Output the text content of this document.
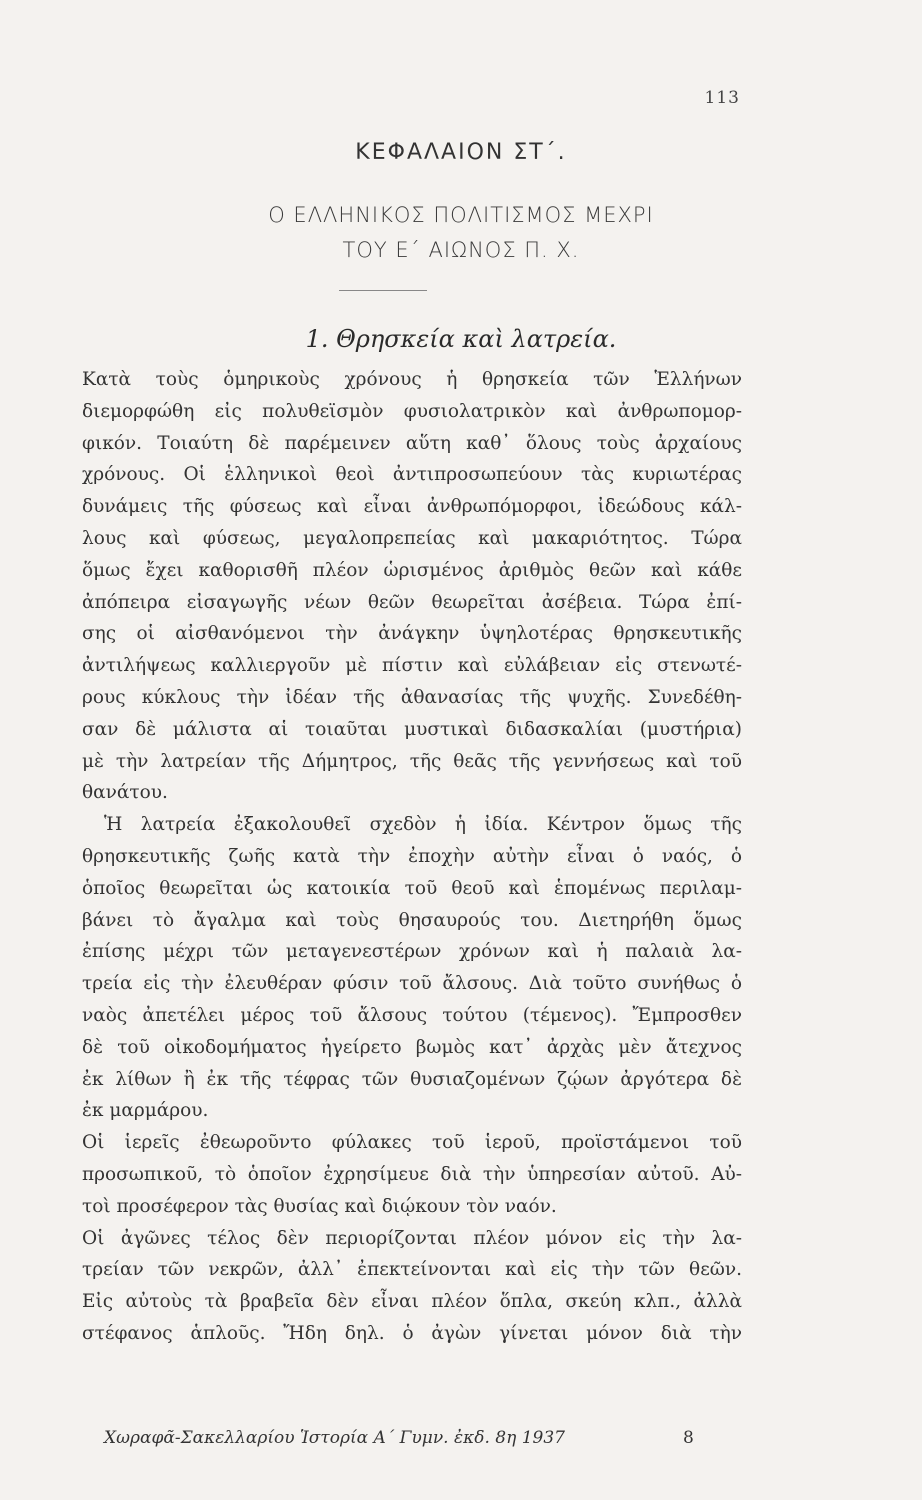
113
ΚΕΦΑΛΑΙΟΝ ΣΤ΄.
Ο ΕΛΛΗΝΙΚΟΣ ΠΟΛΙΤΙΣΜΟΣ ΜΕΧΡΙ
ΤΟΥ Ε΄ ΑΙΩΝΟΣ Π. Χ.
1. Θρησκεία καὶ λατρεία.
Κατὰ τοὺς ὁμηρικοὺς χρόνους ἡ θρησκεία τῶν Ἑλλήνων
διεμορφώθη εἰς πολυθεϊσμὸν φυσιολατρικὸν καὶ ἀνθρωπομορ-
φικόν. Τοιαύτη δὲ παρέμεινεν αὕτη καθ᾿ ὅλους τοὺς ἀρχαίους
χρόνους. Οἱ ἑλληνικοὶ θεοὶ ἀντιπροσωπεύουν τὰς κυριωτέρας
δυνάμεις τῆς φύσεως καὶ εἶναι ἀνθρωπόμορφοι, ἰδεώδους κάλ-
λους καὶ φύσεως, μεγαλοπρεπείας καὶ μακαριότητος. Τώρα
ὅμως ἔχει καθορισθῆ πλέον ὡρισμένος ἀριθμὸς θεῶν καὶ κάθε
ἀπόπειρα εἰσαγωγῆς νέων θεῶν θεωρεῖται ἀσέβεια. Τώρα ἐπί-
σης οἱ αἰσθανόμενοι τὴν ἀνάγκην ὑψηλοτέρας θρησκευτικῆς
ἀντιλήψεως καλλιεργοῦν μὲ πίστιν καὶ εὐλάβειαν εἰς στενωτέ-
ρους κύκλους τὴν ἰδέαν τῆς ἀθανασίας τῆς ψυχῆς. Συνεδέθη-
σαν δὲ μάλιστα αἱ τοιαῦται μυστικαὶ διδασκαλίαι (μυστήρια)
μὲ τὴν λατρείαν τῆς Δήμητρος, τῆς θεᾶς τῆς γεννήσεως καὶ τοῦ
θανάτου.
Ἡ λατρεία ἐξακολουθεῖ σχεδὸν ἡ ἰδία. Κέντρον ὅμως τῆς
θρησκευτικῆς ζωῆς κατὰ τὴν ἐποχὴν αὐτὴν εἶναι ὁ ναός, ὁ
ὁποῖος θεωρεῖται ὡς κατοικία τοῦ θεοῦ καὶ ἑπομένως περιλαμ-
βάνει τὸ ἄγαλμα καὶ τοὺς θησαυρούς του. Διετηρήθη ὅμως
ἐπίσης μέχρι τῶν μεταγενεστέρων χρόνων καὶ ἡ παλαιὰ λα-
τρεία εἰς τὴν ἐλευθέραν φύσιν τοῦ ἄλσους. Διὰ τοῦτο συνήθως ὁ
ναὸς ἀπετέλει μέρος τοῦ ἄλσους τούτου (τέμενος). Ἔμπροσθεν
δὲ τοῦ οἰκοδομήματος ἠγείρετο βωμὸς κατ᾿ ἀρχὰς μὲν ἄτεχνος
ἐκ λίθων ἢ ἐκ τῆς τέφρας τῶν θυσιαζομένων ζῴων ἀργότερα δὲ
ἐκ μαρμάρου.
Οἱ ἱερεῖς ἐθεωροῦντο φύλακες τοῦ ἱεροῦ, προϊστάμενοι τοῦ
προσωπικοῦ, τὸ ὁποῖον ἐχρησίμευε διὰ τὴν ὑπηρεσίαν αὐτοῦ. Αὐ-
τοὶ προσέφερον τὰς θυσίας καὶ διῴκουν τὸν ναόν.
Οἱ ἀγῶνες τέλος δὲν περιορίζονται πλέον μόνον εἰς τὴν λα-
τρείαν τῶν νεκρῶν, ἀλλ᾿ ἐπεκτείνονται καὶ εἰς τὴν τῶν θεῶν.
Εἰς αὐτοὺς τὰ βραβεῖα δὲν εἶναι πλέον ὅπλα, σκεύη κλπ., ἀλλὰ
στέφανος ἁπλοῦς. Ἤδη δηλ. ὁ ἀγὼν γίνεται μόνον διὰ τὴν
Χωραφᾶ-Σακελλαρίου Ἱστορία Α΄ Γυμν. ἐκδ. 8η 1937	8
